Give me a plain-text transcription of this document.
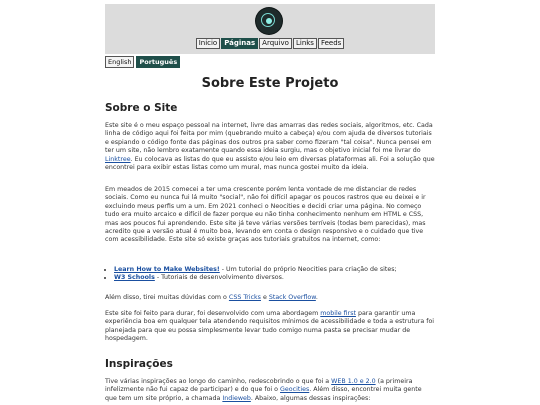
Início	Páginas	Arquivo	Links	Feeds
English	Português
Sobre Este Projeto
Sobre o Site

Este site é o meu espaço pessoal na internet, livre das amarras das redes sociais, algoritmos, etc. Cada linha de código aqui foi feita por mim (quebrando muito a cabeça) e/ou com ajuda de diversos tutoriais e espiando o código fonte das páginas dos outros pra saber como fizeram "tal coisa". Nunca pensei em ter um site, não lembro exatamente quando essa ideia surgiu, mas o objetivo inicial foi me livrar do Linktree. Eu colocava as listas do que eu assisto e/ou leio em diversas plataformas ali. Foi a solução que encontrei para exibir estas listas como um mural, mas nunca gostei muito da ideia.

Em meados de 2015 comecei a ter uma crescente porém lenta vontade de me distanciar de redes sociais. Como eu nunca fui lá muito "social", não foi difícil apagar os poucos rastros que eu deixei e ir excluindo meus perfis um a um. Em 2021 conheci o Neocities e decidi criar uma página. No começo tudo era muito arcaico e difícil de fazer porque eu não tinha conhecimento nenhum em HTML e CSS, mas aos poucos fui aprendendo. Este site já teve várias versões terríveis (todas bem parecidas), mas acredito que a versão atual é muito boa, levando em conta o design responsivo e o cuidado que tive com acessibilidade. Este site só existe graças aos tutoriais gratuitos na internet, como:

• Learn How to Make Websites! - Um tutorial do próprio Neocities para criação de sites;
• W3 Schools - Tutoriais de desenvolvimento diversos.

Além disso, tirei muitas dúvidas com o CSS Tricks e Stack Overflow.

Este site foi feito para durar, foi desenvolvido com uma abordagem mobile first para garantir uma experiência boa em qualquer tela atendendo requisitos mínimos de acessibilidade e toda a estrutura foi planejada para que eu possa simplesmente levar tudo comigo numa pasta se precisar mudar de hospedagem.

Inspirações

Tive várias inspirações ao longo do caminho, redescobrindo o que foi a WEB 1.0 e 2.0 (a primeira infelizmente não fui capaz de participar) e do que foi o Geocities. Além disso, encontrei muita gente que tem um site próprio, a chamada Indieweb. Abaixo, algumas dessas inspirações:
